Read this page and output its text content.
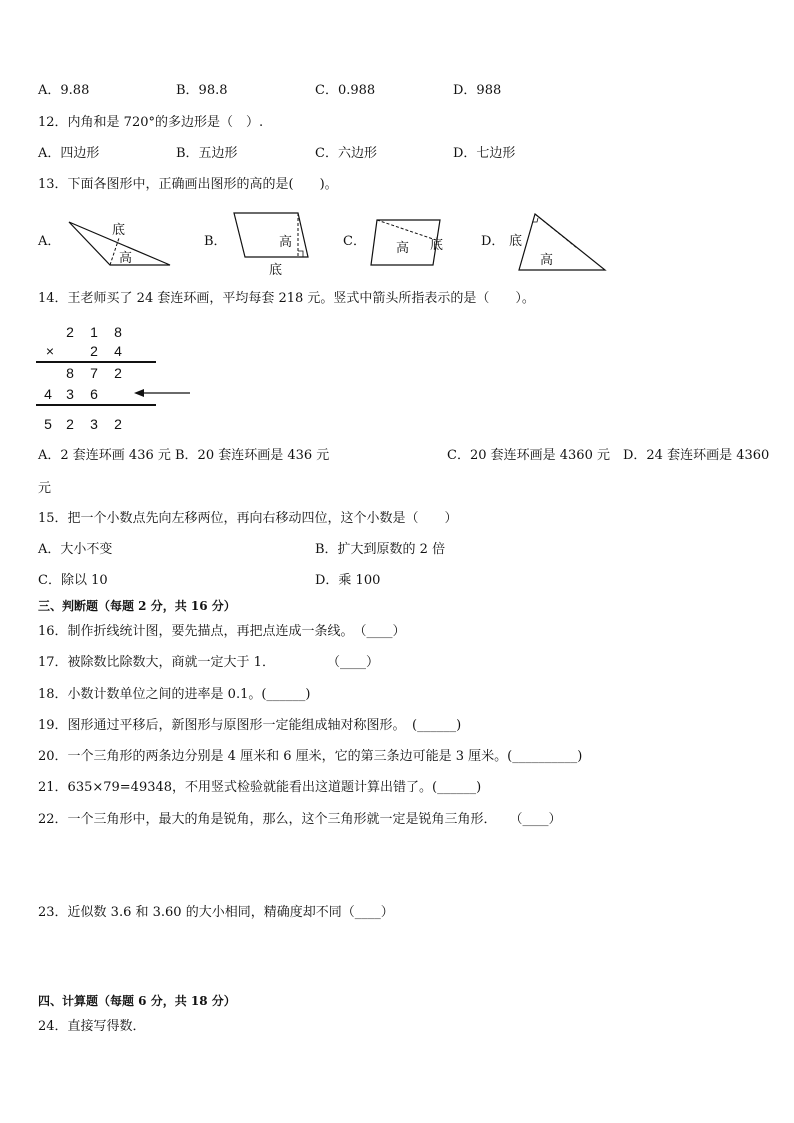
A．9.88	B．98.8	C．0.988	D．988
12．内角和是 720°的多边形是（　）.
A．四边形	B．五边形	C．六边形	D．七边形
13．下面各图形中，正确画出图形的高的是(　　)。
A．	B．	C．	D．
底
高
高
底
高 底	底
高
14．王老师买了 24 套连环画，平均每套 218 元。竖式中箭头所指表示的是（　　）。
2	1	8
×	2	4
8	7	2
4	3	6
5	2	3	2
A．2 套连环画 436 元 B．20 套连环画是 436 元	C．20 套连环画是 4360 元　D．24 套连环画是 4360
元
15．把一个小数点先向左移两位，再向右移动四位，这个小数是（　　）
A．大小不变	B．扩大到原数的 2 倍
C．除以 10	D．乘 100
三、判断题（每题 2 分，共 16 分）
16．制作折线统计图，要先描点，再把点连成一条线。　（____）
17．被除数比除数大，商就一定大于 1．　　　　　（____）
18．小数计数单位之间的进率是 0.1。(______)
19．图形通过平移后，新图形与原图形一定能组成轴对称图形。　(______)
20．一个三角形的两条边分别是 4 厘米和 6 厘米，它的第三条边可能是 3 厘米。(__________)
21．635×79=49348，不用竖式检验就能看出这道题计算出错了。(______)
22．一个三角形中，最大的角是锐角，那么，这个三角形就一定是锐角三角形．　　（____）
23．近似数 3.6 和 3.60 的大小相同，精确度却不同（____）
四、计算题（每题 6 分，共 18 分）
24．直接写得数．
